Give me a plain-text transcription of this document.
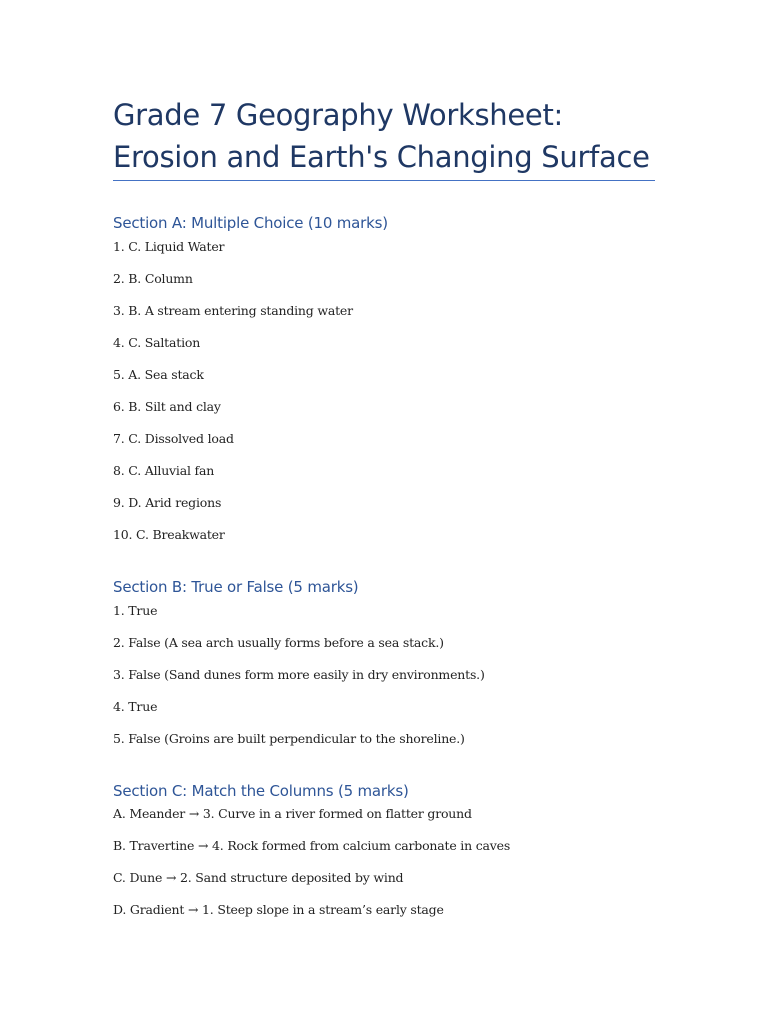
Grade 7 Geography Worksheet: Erosion and Earth's Changing Surface
Section A: Multiple Choice (10 marks)

1. C. Liquid Water

2. B. Column

3. B. A stream entering standing water

4. C. Saltation

5. A. Sea stack

6. B. Silt and clay

7. C. Dissolved load

8. C. Alluvial fan

9. D. Arid regions

10. C. Breakwater

Section B: True or False (5 marks)

1. True

2. False (A sea arch usually forms before a sea stack.)

3. False (Sand dunes form more easily in dry environments.)

4. True

5. False (Groins are built perpendicular to the shoreline.)

Section C: Match the Columns (5 marks)

A. Meander → 3. Curve in a river formed on flatter ground

B. Travertine → 4. Rock formed from calcium carbonate in caves

C. Dune → 2. Sand structure deposited by wind

D. Gradient → 1. Steep slope in a stream’s early stage
